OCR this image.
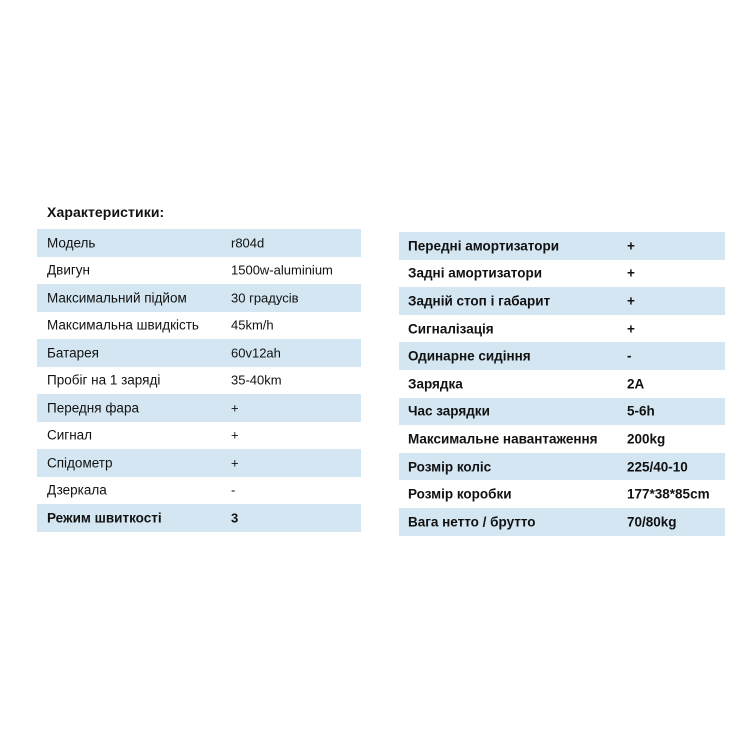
Характеристики:
Модель	r804d
Двигун	1500w-aluminium
Максимальний підйом	30 градусів
Максимальна швидкість 45km/h
Батарея	60v12ah
Пробіг на 1 заряді	35-40km
Передня фара	+
Сигнал	+
Спідометр	+
Дзеркала	-
Режим швиткості	3
Передні амортизатори	+
Задні амортизатори	+
Задній стоп і габарит	+
Сигналізація	+
Одинарне сидіння	-
Зарядка	2A
Час зарядки	5-6h
Максимальне навантаження 200kg
Розмір коліс	225/40-10
Розмір коробки	177*38*85cm
Вага нетто / брутто	70/80kg
